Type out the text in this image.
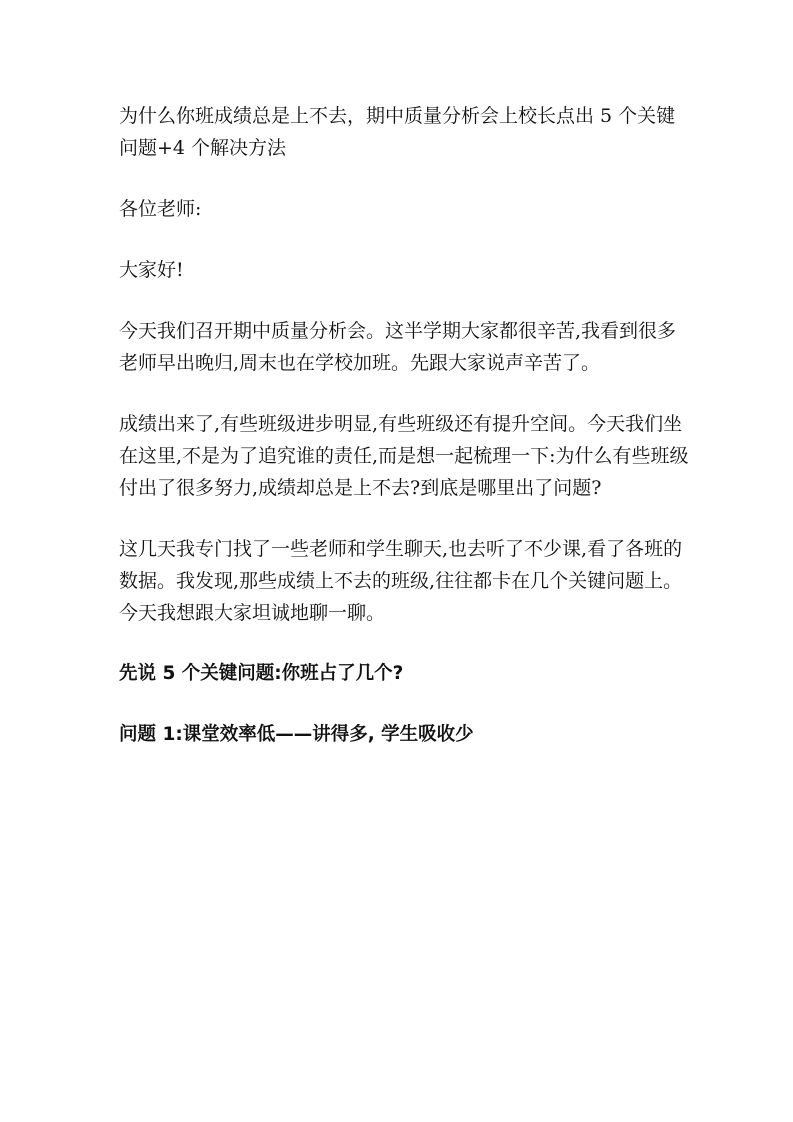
为什么你班成绩总是上不去，期中质量分析会上校长点出 5 个关键问题+4 个解决方法

各位老师:

大家好!

今天我们召开期中质量分析会。这半学期大家都很辛苦,我看到很多老师早出晚归,周末也在学校加班。先跟大家说声辛苦了。

成绩出来了,有些班级进步明显,有些班级还有提升空间。今天我们坐在这里,不是为了追究谁的责任,而是想一起梳理一下:为什么有些班级付出了很多努力,成绩却总是上不去?到底是哪里出了问题?

这几天我专门找了一些老师和学生聊天,也去听了不少课,看了各班的数据。我发现,那些成绩上不去的班级,往往都卡在几个关键问题上。今天我想跟大家坦诚地聊一聊。

先说 5 个关键问题:你班占了几个?

问题 1:课堂效率低——讲得多, 学生吸收少
